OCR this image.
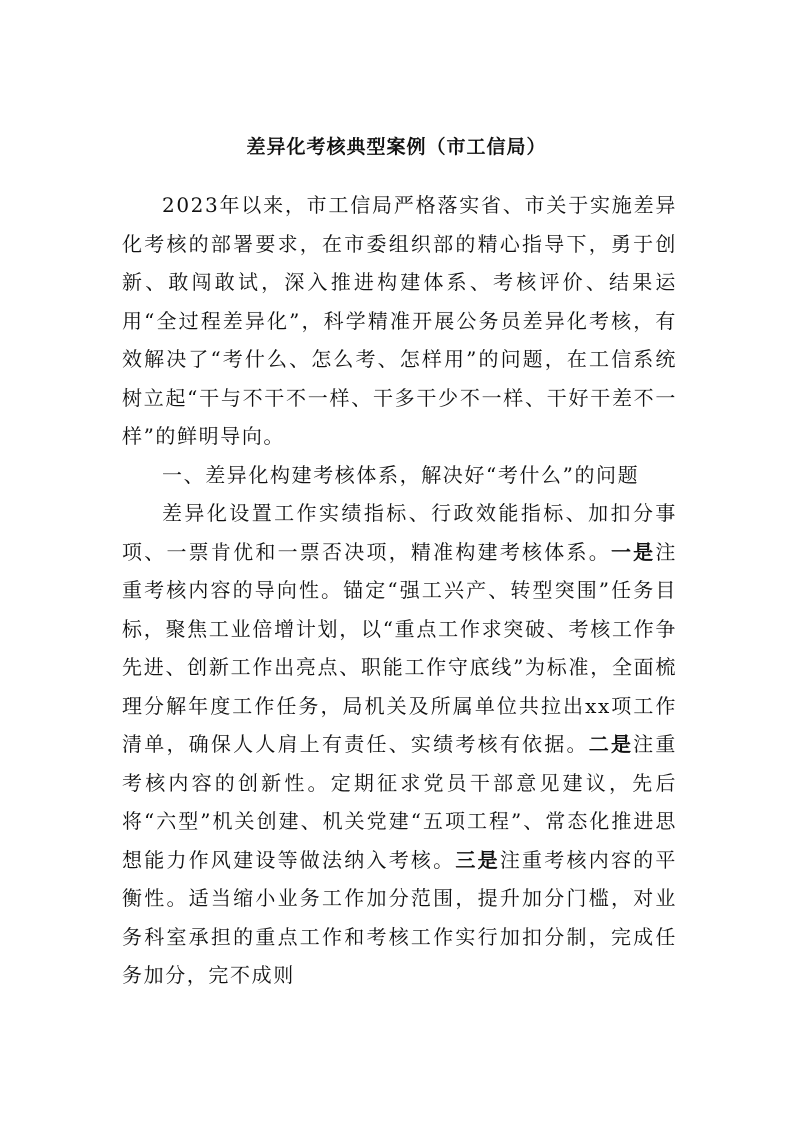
差异化考核典型案例（市工信局）

2023年以来，市工信局严格落实省、市关于实施差异化考核的部署要求，在市委组织部的精心指导下，勇于创新、敢闯敢试，深入推进构建体系、考核评价、结果运用“全过程差异化”，科学精准开展公务员差异化考核，有效解决了“考什么、怎么考、怎样用”的问题，在工信系统树立起“干与不干不一样、干多干少不一样、干好干差不一样”的鲜明导向。

一、差异化构建考核体系，解决好“考什么”的问题

差异化设置工作实绩指标、行政效能指标、加扣分事项、一票肯优和一票否决项，精准构建考核体系。一是注重考核内容的导向性。锚定“强工兴产、转型突围”任务目标，聚焦工业倍增计划，以“重点工作求突破、考核工作争先进、创新工作出亮点、职能工作守底线”为标准，全面梳理分解年度工作任务，局机关及所属单位共拉出xx项工作清单，确保人人肩上有责任、实绩考核有依据。二是注重考核内容的创新性。定期征求党员干部意见建议，先后将“六型”机关创建、机关党建“五项工程”、常态化推进思想能力作风建设等做法纳入考核。三是注重考核内容的平衡性。适当缩小业务工作加分范围，提升加分门槛，对业务科室承担的重点工作和考核工作实行加扣分制，完成任务加分，完不成则
